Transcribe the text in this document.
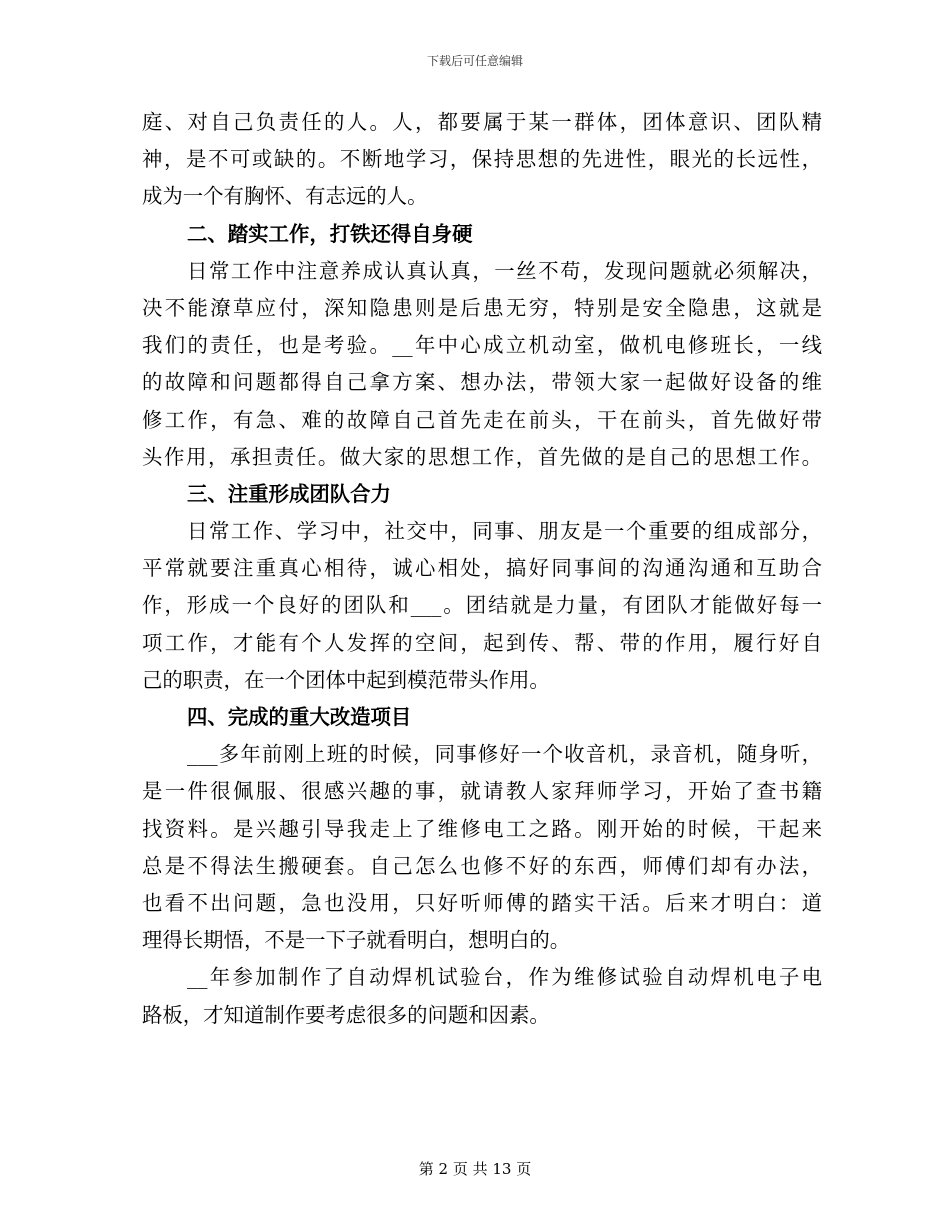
下载后可任意编辑
庭、对自己负责任的人。人，都要属于某一群体，团体意识、团队精
神，是不可或缺的。不断地学习，保持思想的先进性，眼光的长远性，
成为一个有胸怀、有志远的人。
二、踏实工作，打铁还得自身硬
日常工作中注意养成认真认真，一丝不苟，发现问题就必须解决，
决不能潦草应付，深知隐患则是后患无穷，特别是安全隐患，这就是
我们的责任，也是考验。__年中心成立机动室，做机电修班长，一线
的故障和问题都得自己拿方案、想办法，带领大家一起做好设备的维
修工作，有急、难的故障自己首先走在前头，干在前头，首先做好带
头作用，承担责任。做大家的思想工作，首先做的是自己的思想工作。
三、注重形成团队合力
日常工作、学习中，社交中，同事、朋友是一个重要的组成部分，
平常就要注重真心相待，诚心相处，搞好同事间的沟通沟通和互助合
作，形成一个良好的团队和___。团结就是力量，有团队才能做好每一
项工作，才能有个人发挥的空间，起到传、帮、带的作用，履行好自
己的职责，在一个团体中起到模范带头作用。
四、完成的重大改造项目
___多年前刚上班的时候，同事修好一个收音机，录音机，随身听，
是一件很佩服、很感兴趣的事，就请教人家拜师学习，开始了查书籍
找资料。是兴趣引导我走上了维修电工之路。刚开始的时候，干起来
总是不得法生搬硬套。自己怎么也修不好的东西，师傅们却有办法，
也看不出问题，急也没用，只好听师傅的踏实干活。后来才明白：道
理得长期悟，不是一下子就看明白，想明白的。
__年参加制作了自动焊机试验台，作为维修试验自动焊机电子电
路板，才知道制作要考虑很多的问题和因素。
第 2 页 共 13 页
